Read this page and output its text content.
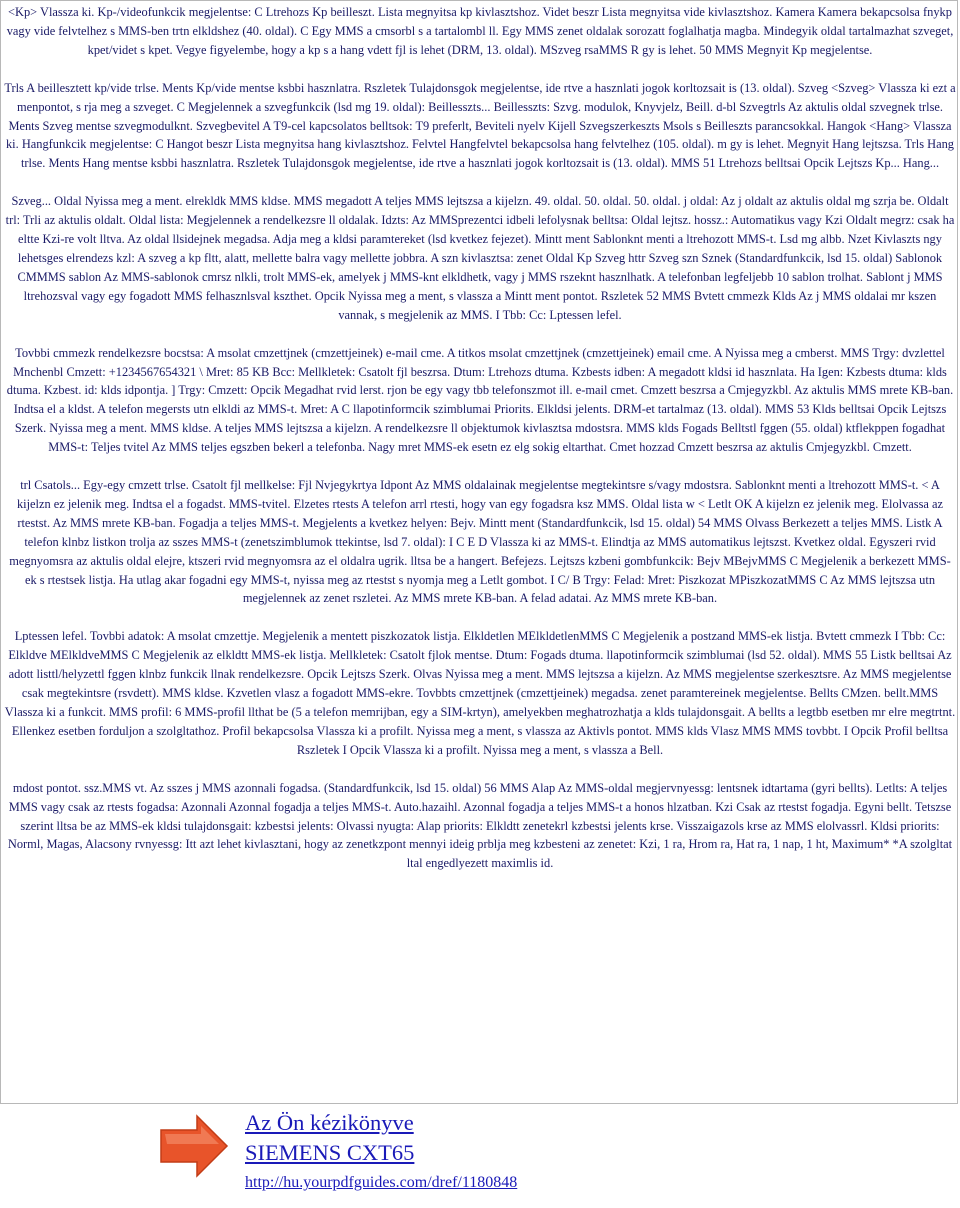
<Kp> Vlassza ki. Kp-/videofunkcik megjelentse: C Ltrehozs Kp beilleszt. Lista megnyitsa kp kivlasztshoz. Videt beszr Lista megnyitsa vide kivlasztshoz. Kamera Kamera bekapcsolsa fnykp vagy vide felvtelhez s MMS-ben trtn elkldshez (40. oldal). C Egy MMS a cmsorbl s a tartalombl ll. Egy MMS zenet oldalak sorozatt foglalhatja magba. Mindegyik oldal tartalmazhat szveget, kpet/videt s kpet. Vegye figyelembe, hogy a kp s a hang vdett fjl is lehet (DRM, 13. oldal). MSzveg rsaMMS R gy is lehet. 50 MMS Megnyit Kp megjelentse.

Trls A beillesztett kp/vide trlse. Ments Kp/vide mentse ksbbi hasznlatra. Rszletek Tulajdonsgok megjelentse, ide rtve a hasznlati jogok korltozsait is (13. oldal). Szveg <Szveg> Vlassza ki ezt a menpontot, s rja meg a szveget. C Megjelennek a szvegfunkcik (lsd mg 19. oldal): Beillesszts... Beillesszts: Szvg. modulok, Knyvjelz, Beill. d-bl Szvegtrls Az aktulis oldal szvegnek trlse. Ments Szveg mentse szvegmodulknt. Szvegbevitel A T9-cel kapcsolatos belltsok: T9 preferlt, Beviteli nyelv Kijell Szvegszerkeszts Msols s Beilleszts parancsokkal. Hangok <Hang> Vlassza ki. Hangfunkcik megjelentse: C Hangot beszr Lista megnyitsa hang kivlasztshoz. Felvtel Hangfelvtel bekapcsolsa hang felvtelhez (105. oldal). m gy is lehet. Megnyit Hang lejtszsa. Trls Hang trlse. Ments Hang mentse ksbbi hasznlatra. Rszletek Tulajdonsgok megjelentse, ide rtve a hasznlati jogok korltozsait is (13. oldal). MMS 51 Ltrehozs belltsai Opcik Lejtszs Kp... Hang...

Szveg... Oldal Nyissa meg a ment. elrekldk MMS kldse. MMS megadott A teljes MMS lejtszsa a kijelzn. 49. oldal. 50. oldal. 50. oldal. j oldal: Az j oldalt az aktulis oldal mg szrja be. Oldalt trl: Trli az aktulis oldalt. Oldal lista: Megjelennek a rendelkezsre ll oldalak. Idzts: Az MMSprezentci idbeli lefolysnak belltsa: Oldal lejtsz. hossz.: Automatikus vagy Kzi Oldalt megrz: csak ha eltte Kzi-re volt lltva. Az oldal llsidejnek megadsa. Adja meg a kldsi paramtereket (lsd kvetkez fejezet). Mintt ment Sablonknt menti a ltrehozott MMS-t. Lsd mg albb. Nzet Kivlaszts ngy lehetsges elrendezs kzl: A szveg a kp fltt, alatt, mellette balra vagy mellette jobbra. A szn kivlasztsa: zenet Oldal Kp Szveg httr Szveg szn Sznek (Standardfunkcik, lsd 15. oldal) Sablonok CMMMS sablon Az MMS-sablonok cmrsz nlkli, trolt MMS-ek, amelyek j MMS-knt elkldhetk, vagy j MMS rszeknt hasznlhatk. A telefonban legfeljebb 10 sablon trolhat. Sablont j MMS ltrehozsval vagy egy fogadott MMS felhasznlsval kszthet. Opcik Nyissa meg a ment, s vlassza a Mintt ment pontot. Rszletek 52 MMS Bvtett cmmezk Klds Az j MMS oldalai mr kszen vannak, s megjelenik az MMS. I Tbb: Cc: Lptessen lefel.

Tovbbi cmmezk rendelkezsre bocstsa: A msolat cmzettjnek (cmzettjeinek) e-mail cme. A titkos msolat cmzettjnek (cmzettjeinek) email cme. A Nyissa meg a cmberst. MMS Trgy: dvzlettel Mnchenbl Cmzett: +1234567654321 \ Mret: 85 KB Bcc: Mellkletek: Csatolt fjl beszrsa. Dtum: Ltrehozs dtuma. Kzbests idben: A megadott kldsi id hasznlata. Ha Igen: Kzbests dtuma: klds dtuma. Kzbest. id: klds idpontja. ] Trgy: Cmzett: Opcik Megadhat rvid lerst. rjon be egy vagy tbb telefonszmot ill. e-mail cmet. Cmzett beszrsa a Cmjegyzkbl. Az aktulis MMS mrete KB-ban. Indtsa el a kldst. A telefon megersts utn elkldi az MMS-t. Mret: A C llapotinformcik szimblumai Priorits. Elkldsi jelents. DRM-et tartalmaz (13. oldal). MMS 53 Klds belltsai Opcik Lejtszs Szerk. Nyissa meg a ment. MMS kldse. A teljes MMS lejtszsa a kijelzn. A rendelkezsre ll objektumok kivlasztsa mdostsra. MMS klds Fogads Belltstl fggen (55. oldal) ktflekppen fogadhat MMS-t: Teljes tvitel Az MMS teljes egszben bekerl a telefonba. Nagy mret MMS-ek esetn ez elg sokig eltarthat. Cmet hozzad Cmzett beszrsa az aktulis Cmjegyzkbl. Cmzett.

trl Csatols... Egy-egy cmzett trlse. Csatolt fjl mellkelse: Fjl Nvjegykrtya Idpont Az MMS oldalainak megjelentse megtekintsre s/vagy mdostsra. Sablonknt menti a ltrehozott MMS-t. < A kijelzn ez jelenik meg. Indtsa el a fogadst. MMS-tvitel. Elzetes rtests A telefon arrl rtesti, hogy van egy fogadsra ksz MMS. Oldal lista w < Letlt OK A kijelzn ez jelenik meg. Elolvassa az rtestst. Az MMS mrete KB-ban. Fogadja a teljes MMS-t. Megjelents a kvetkez helyen: Bejv. Mintt ment (Standardfunkcik, lsd 15. oldal) 54 MMS Olvass Berkezett a teljes MMS. Listk A telefon klnbz listkon trolja az sszes MMS-t (zenetszimblumok ttekintse, lsd 7. oldal): I C E D Vlassza ki az MMS-t. Elindtja az MMS automatikus lejtszst. Kvetkez oldal. Egyszeri rvid megnyomsra az aktulis oldal elejre, ktszeri rvid megnyomsra az el oldalra ugrik. lltsa be a hangert. Befejezs. Lejtszs kzbeni gombfunkcik: Bejv MBejvMMS C Megjelenik a berkezett MMS-ek s rtestsek listja. Ha utlag akar fogadni egy MMS-t, nyissa meg az rtestst s nyomja meg a Letlt gombot. I C/ B Trgy: Felad: Mret: Piszkozat MPiszkozatMMS C Az MMS lejtszsa utn megjelennek az zenet rszletei. Az MMS mrete KB-ban. A felad adatai. Az MMS mrete KB-ban.

Lptessen lefel. Tovbbi adatok: A msolat cmzettje. Megjelenik a mentett piszkozatok listja. Elkldetlen MElkldetlenMMS C Megjelenik a postzand MMS-ek listja. Bvtett cmmezk I Tbb: Cc: Elkldve MElkldveMMS C Megjelenik az elkldtt MMS-ek listja. Mellkletek: Csatolt fjlok mentse. Dtum: Fogads dtuma. llapotinformcik szimblumai (lsd 52. oldal). MMS 55 Listk belltsai Az adott listtl/helyzettl fggen klnbz funkcik llnak rendelkezsre. Opcik Lejtszs Szerk. Olvas Nyissa meg a ment. MMS lejtszsa a kijelzn. Az MMS megjelentse szerkesztsre. Az MMS megjelentse csak megtekintsre (rsvdett). MMS kldse. Kzvetlen vlasz a fogadott MMS-ekre. Tovbbts cmzettjnek (cmzettjeinek) megadsa. zenet paramtereinek megjelentse. Bellts CMzen. bellt.MMS Vlassza ki a funkcit. MMS profil: 6 MMS-profil llthat be (5 a telefon memrijban, egy a SIM-krtyn), amelyekben meghatrozhatja a klds tulajdonsgait. A bellts a legtbb esetben mr elre megtrtnt. Ellenkez esetben forduljon a szolgltathoz. Profil bekapcsolsa Vlassza ki a profilt. Nyissa meg a ment, s vlassza az Aktivls pontot. MMS klds Vlasz MMS MMS tovbbt. I Opcik Profil belltsa Rszletek I Opcik Vlassza ki a profilt. Nyissa meg a ment, s vlassza a Bell.

mdost pontot. ssz.MMS vt. Az sszes j MMS azonnali fogadsa. (Standardfunkcik, lsd 15. oldal) 56 MMS Alap Az MMS-oldal megjervnyessg: lentsnek idtartama (gyri bellts). Letlts: A teljes MMS vagy csak az rtests fogadsa: Azonnali Azonnal fogadja a teljes MMS-t. Auto.hazaihl. Azonnal fogadja a teljes MMS-t a honos hlzatban. Kzi Csak az rtestst fogadja. Egyni bellt. Tetszse szerint lltsa be az MMS-ek kldsi tulajdonsgait: kzbestsi jelents: Olvassi nyugta: Alap priorits: Elkldtt zenetekrl kzbestsi jelents krse. Visszaigazols krse az MMS elolvassrl. Kldsi priorits: Norml, Magas, Alacsony rvnyessg: Itt azt lehet kivlasztani, hogy az zenetkzpont mennyi ideig prblja meg kzbesteni az zenetet: Kzi, 1 ra, Hrom ra, Hat ra, 1 nap, 1 ht, Maximum* *A szolgltat ltal engedlyezett maximlis id.

Az Ön kézikönyve
SIEMENS CXT65
http://hu.yourpdfguides.com/dref/1180848
